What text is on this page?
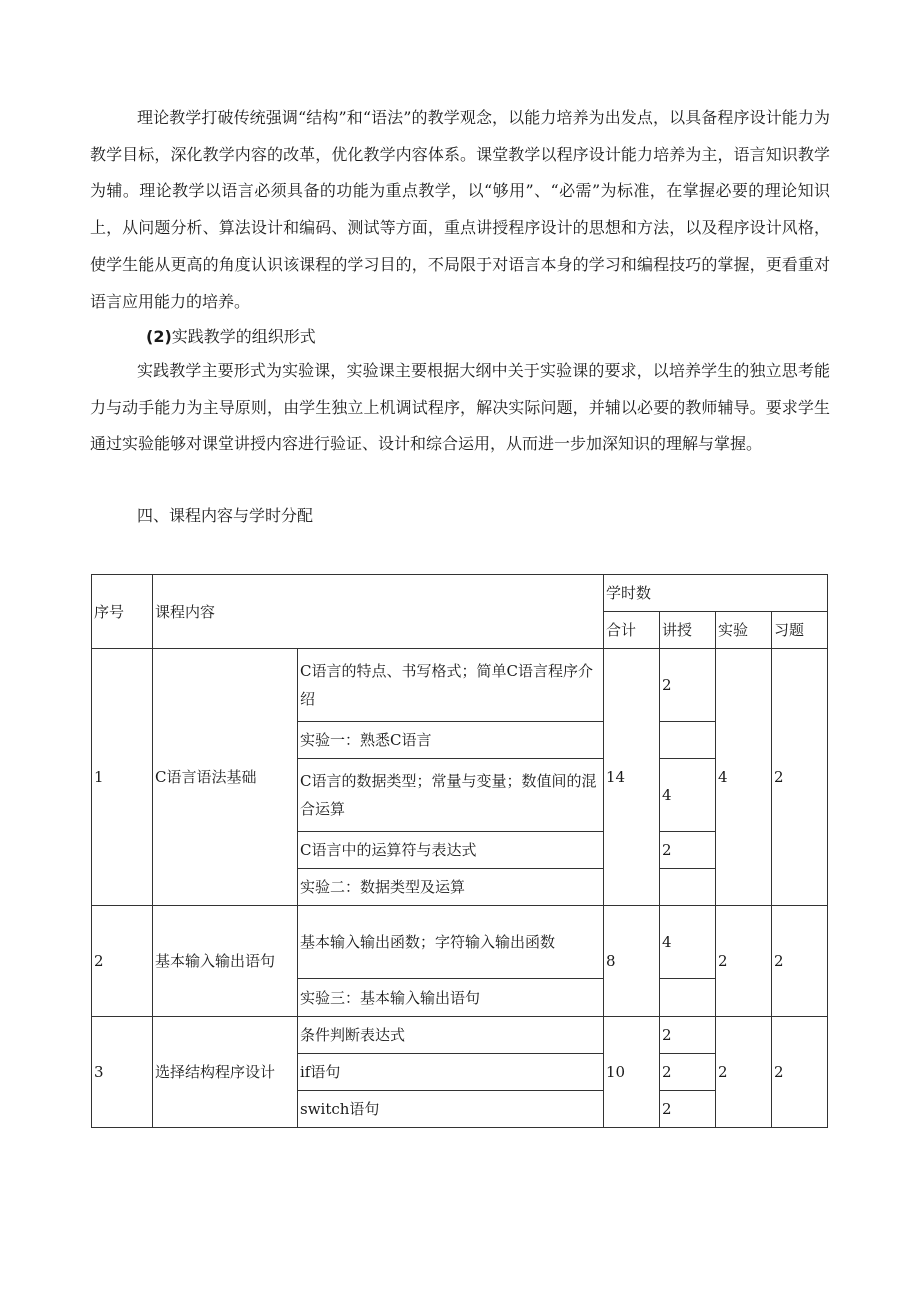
理论教学打破传统强调“结构”和“语法”的教学观念，以能力培养为出发点，以具备程序设计能力为教学目标，深化教学内容的改革，优化教学内容体系。课堂教学以程序设计能力培养为主，语言知识教学为辅。理论教学以语言必须具备的功能为重点教学，以“够用”、“必需”为标准，在掌握必要的理论知识上，从问题分析、算法设计和编码、测试等方面，重点讲授程序设计的思想和方法，以及程序设计风格，使学生能从更高的角度认识该课程的学习目的，不局限于对语言本身的学习和编程技巧的掌握，更看重对语言应用能力的培养。

(2)实践教学的组织形式

实践教学主要形式为实验课，实验课主要根据大纲中关于实验课的要求，以培养学生的独立思考能力与动手能力为主导原则，由学生独立上机调试程序，解决实际问题，并辅以必要的教师辅导。要求学生通过实验能够对课堂讲授内容进行验证、设计和综合运用，从而进一步加深知识的理解与掌握。

四、课程内容与学时分配

序号	课程内容		学时数			
			合计	讲授	实验	习题
1	C语言语法基础	C语言的特点、书写格式；简单C语言程序介绍	14	2	4	2
		实验一：熟悉C语言				
		C语言的数据类型；常量与变量；数值间的混合运算		4		
		C语言中的运算符与表达式		2		
		实验二：数据类型及运算				
2	基本输入输出语句	基本输入输出函数；字符输入输出函数	8	4	2	2
		实验三：基本输入输出语句				
3	选择结构程序设计	条件判断表达式	10	2	2	2
		if语句		2		
		switch语句		2		
